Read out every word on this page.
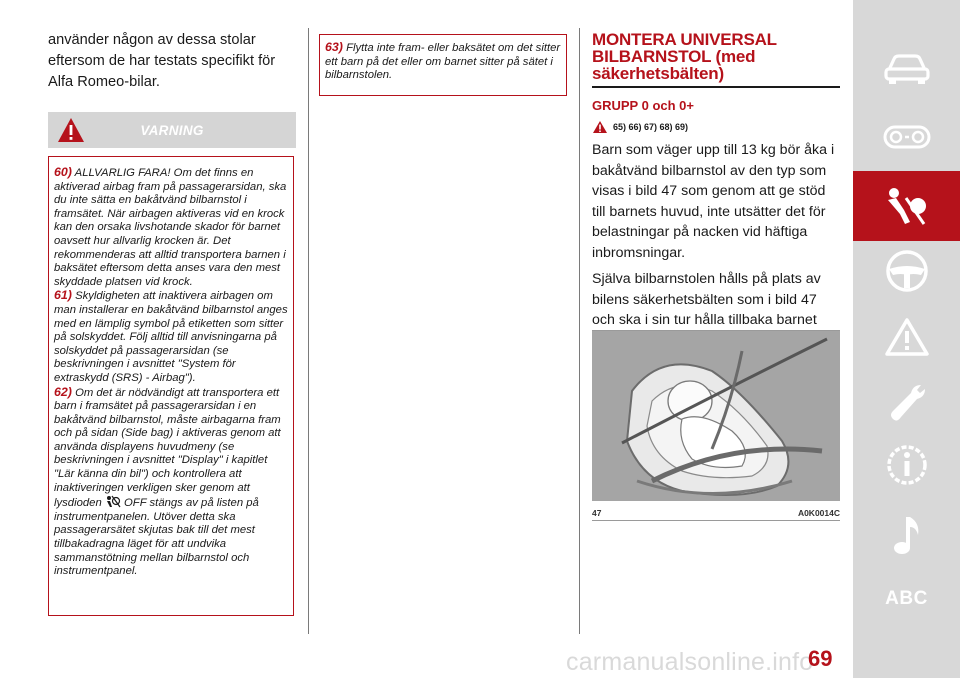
använder någon av dessa stolar eftersom de har testats specifikt för Alfa Romeo-bilar.

VARNING

60) ALLVARLIG FARA! Om det finns en aktiverad airbag fram på passagerarsidan, ska du inte sätta en bakåtvänd bilbarnstol i framsätet. När airbagen aktiveras vid en krock kan den orsaka livshotande skador för barnet oavsett hur allvarlig krocken är. Det rekommenderas att alltid transportera barnen i baksätet eftersom detta anses vara den mest skyddade platsen vid krock.

61) Skyldigheten att inaktivera airbagen om man installerar en bakåtvänd bilbarnstol anges med en lämplig symbol på etiketten som sitter på solskyddet. Följ alltid till anvisningarna på solskyddet på passagerarsidan (se beskrivningen i avsnittet "System för extraskydd (SRS) - Airbag").

62) Om det är nödvändigt att transportera ett barn i framsätet på passagerarsidan i en bakåtvänd bilbarnstol, måste airbagarna fram och på sidan (Side bag) i aktiveras genom att använda displayens huvudmeny (se beskrivningen i avsnittet "Display" i kapitlet "Lär känna din bil") och kontrollera att inaktiveringen verkligen sker genom att lysdioden OFF stängs av på listen på instrumentpanelen. Utöver detta ska passagerarsätet skjutas bak till det mest tillbakadragna läget för att undvika sammanstötning mellan bilbarnstol och instrumentpanel.

63) Flytta inte fram- eller baksätet om det sitter ett barn på det eller om barnet sitter på sätet i bilbarnstolen.

MONTERA UNIVERSAL
BILBARNSTOL (med
säkerhetsbälten)
GRUPP 0 och 0+
65) 66) 67) 68) 69)

Barn som väger upp till 13 kg bör åka i bakåtvänd bilbarnstol av den typ som visas i bild 47 som genom att ge stöd till barnets huvud, inte utsätter det för belastningar på nacken vid häftiga inbromsningar.

Själva bilbarnstolen hålls på plats av bilens säkerhetsbälten som i bild 47 och ska i sin tur hålla tillbaka barnet

47	A0K0014C
ABC
carmanualsonline.info
69
